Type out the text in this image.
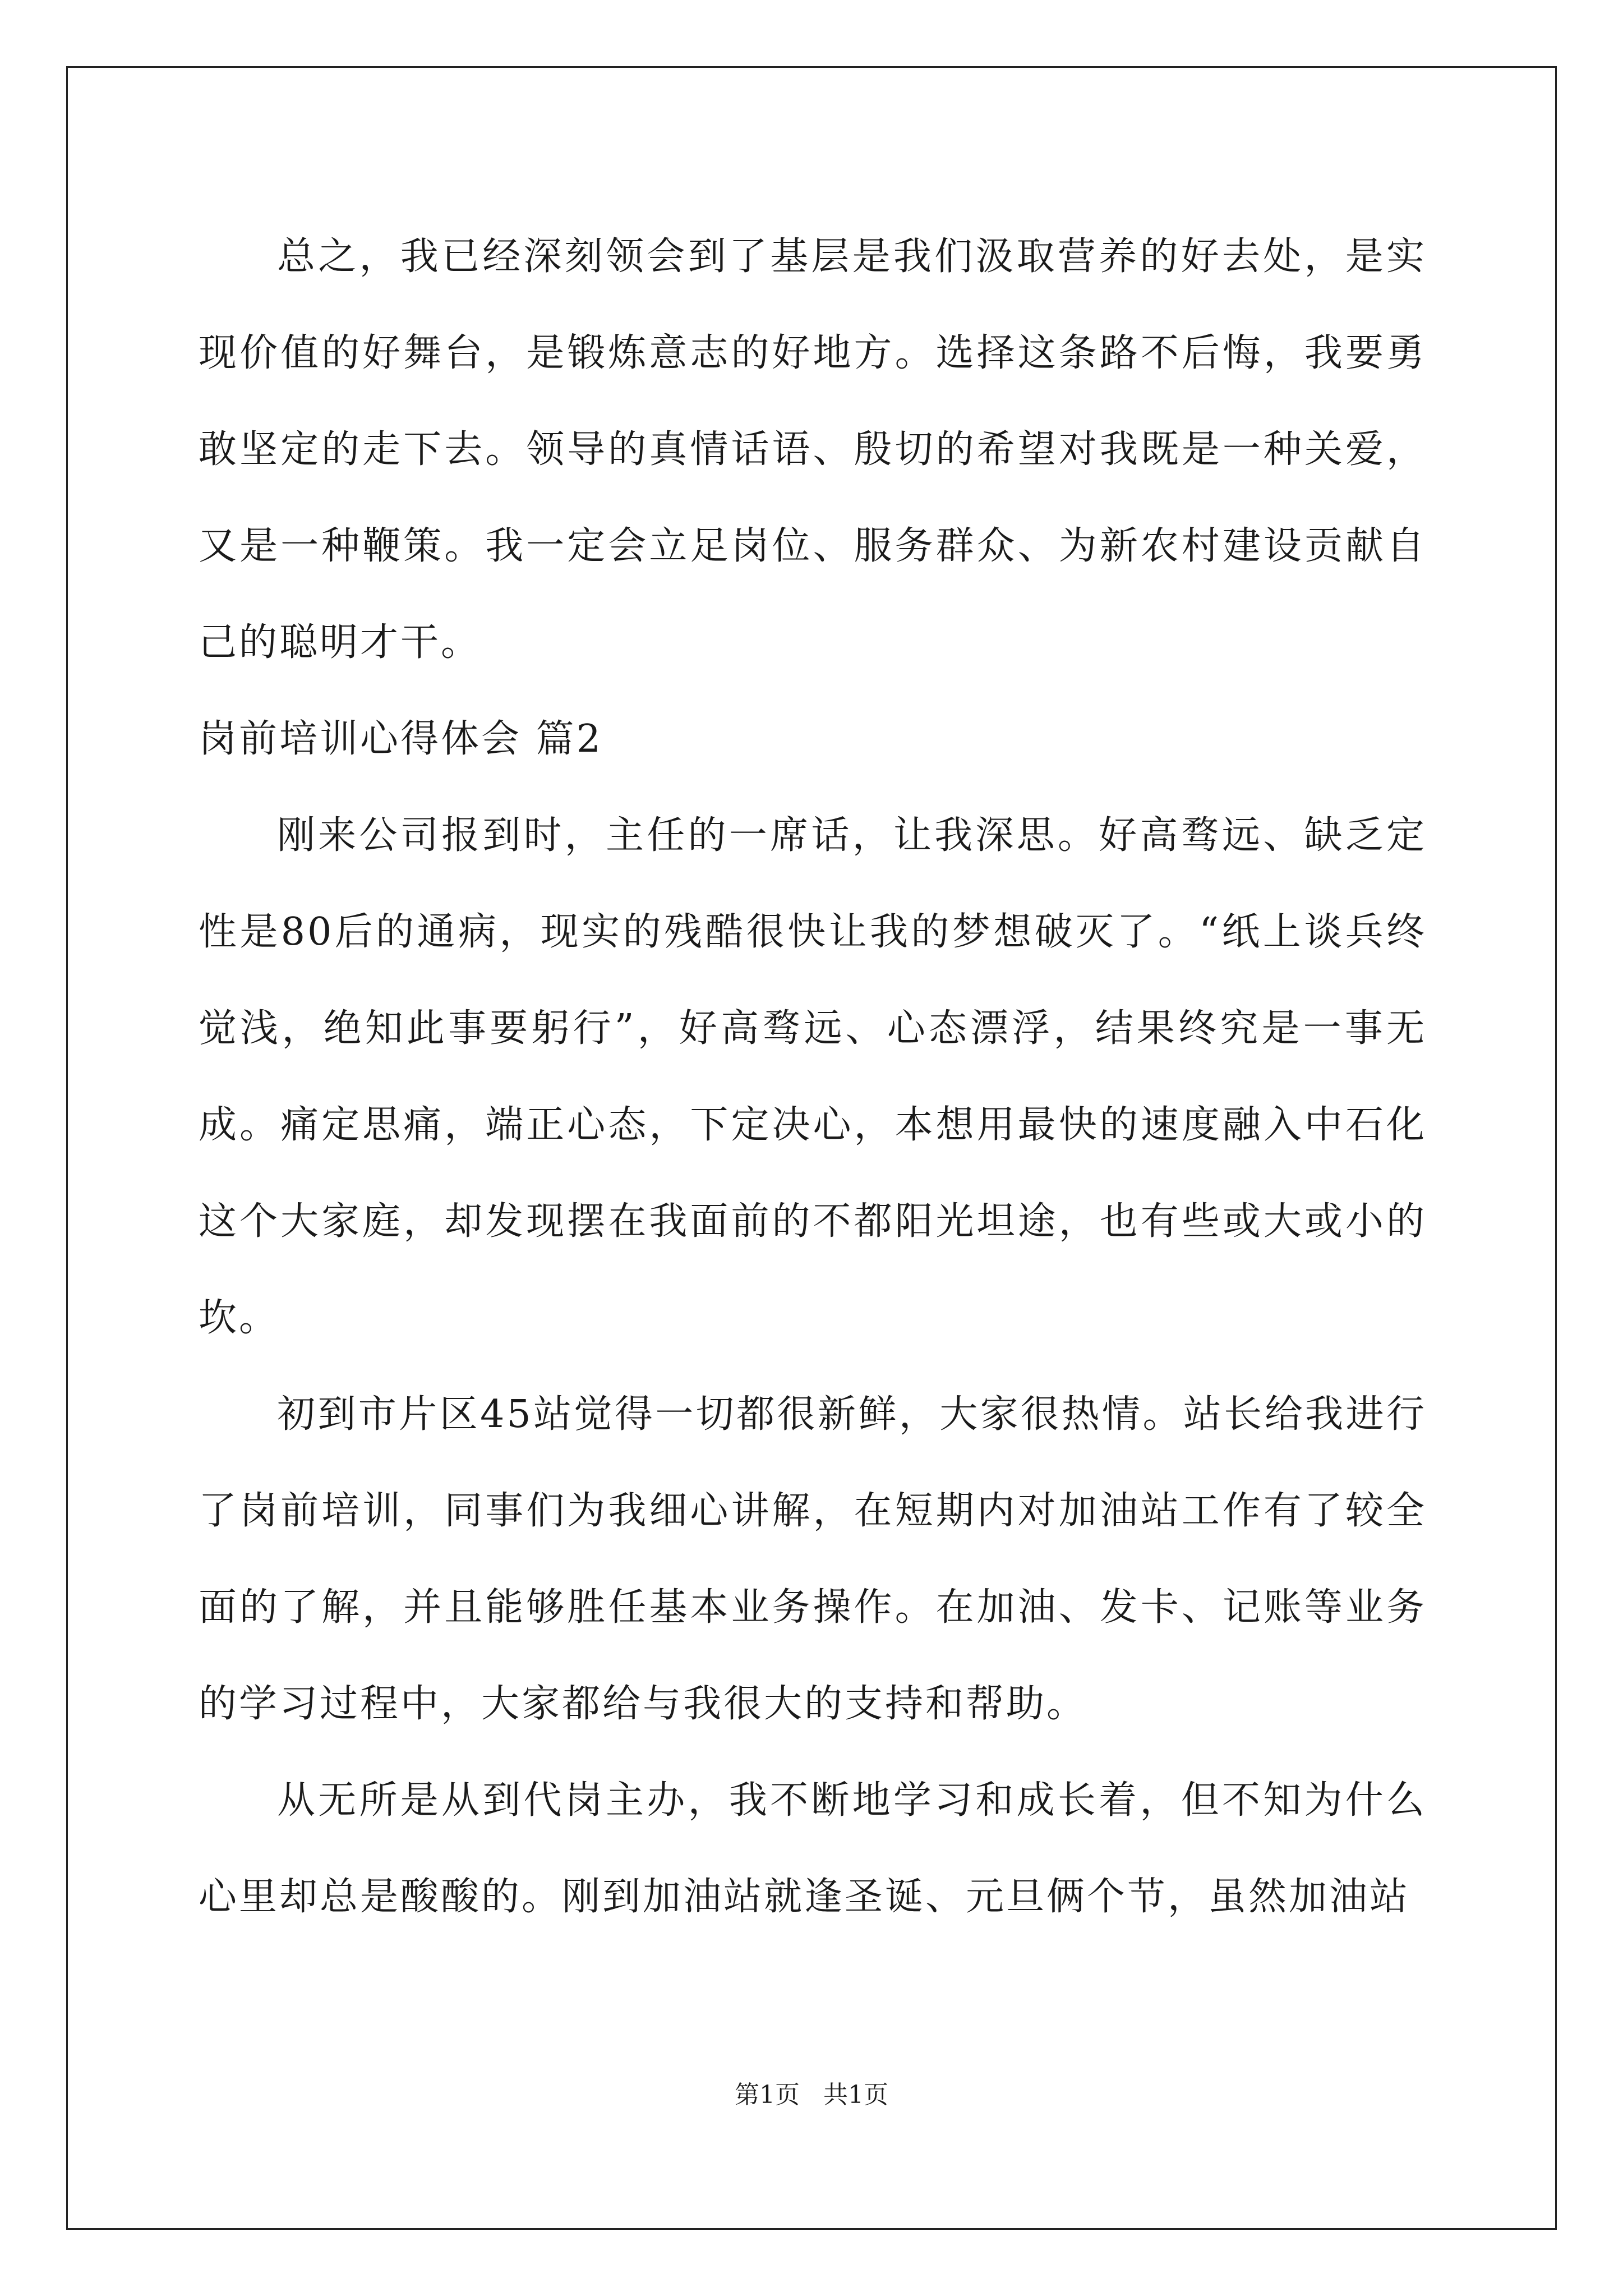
总之，我已经深刻领会到了基层是我们汲取营养的好去处，是实现价值的好舞台，是锻炼意志的好地方。选择这条路不后悔，我要勇敢坚定的走下去。领导的真情话语、殷切的希望对我既是一种关爱，又是一种鞭策。我一定会立足岗位、服务群众、为新农村建设贡献自己的聪明才干。

岗前培训心得体会 篇2

刚来公司报到时，主任的一席话，让我深思。好高骛远、缺乏定性是80后的通病，现实的残酷很快让我的梦想破灭了。“纸上谈兵终觉浅，绝知此事要躬行”，好高骛远、心态漂浮，结果终究是一事无成。痛定思痛，端正心态，下定决心，本想用最快的速度融入中石化这个大家庭，却发现摆在我面前的不都阳光坦途，也有些或大或小的坎。

初到市片区45站觉得一切都很新鲜，大家很热情。站长给我进行了岗前培训，同事们为我细心讲解，在短期内对加油站工作有了较全面的了解，并且能够胜任基本业务操作。在加油、发卡、记账等业务的学习过程中，大家都给与我很大的支持和帮助。

从无所是从到代岗主办，我不断地学习和成长着，但不知为什么心里却总是酸酸的。刚到加油站就逢圣诞、元旦俩个节，虽然加油站

第1页 共1页
